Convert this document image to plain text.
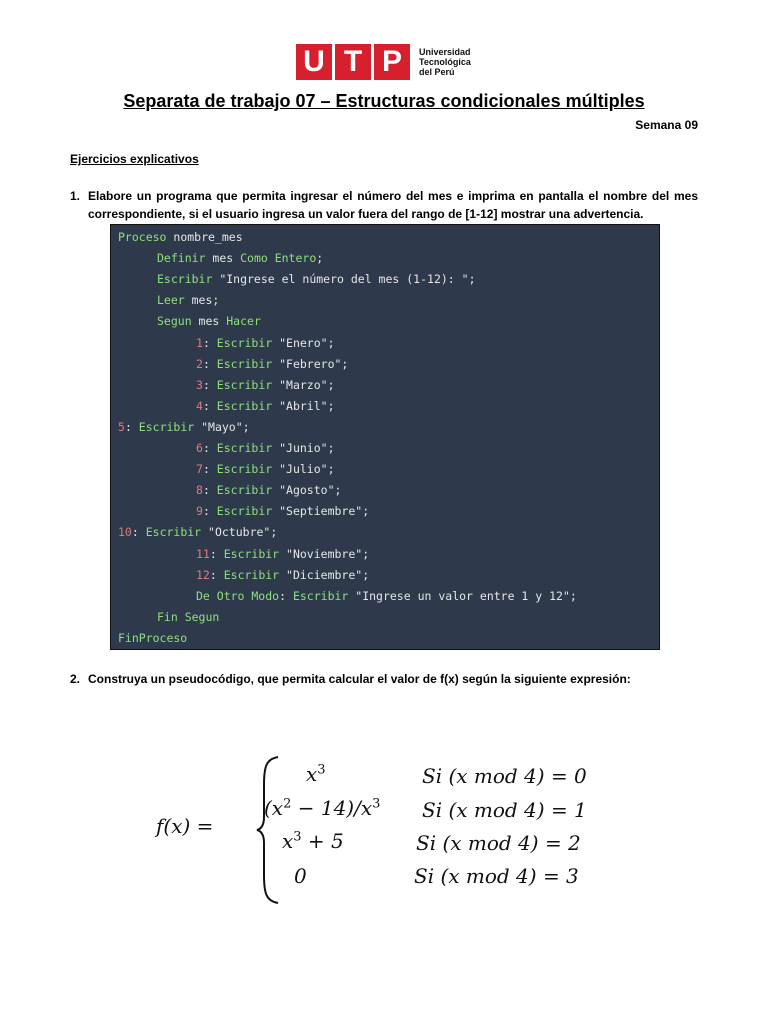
U T P	Universidad
Tecnológica
del Perú
Separata de trabajo 07 – Estructuras condicionales múltiples
Semana 09
Ejercicios explicativos
1. Elabore un programa que permita ingresar el número del mes e imprima en pantalla el nombre del mes correspondiente, si el usuario ingresa un valor fuera del rango de [1-12] mostrar una advertencia.
Proceso nombre_mes
Definir mes Como Entero;
Escribir "Ingrese el número del mes (1-12): ";
Leer mes;
Segun mes Hacer
1: Escribir "Enero";
2: Escribir "Febrero";
3: Escribir "Marzo";
4: Escribir "Abril";
5: Escribir "Mayo";
6: Escribir "Junio";
7: Escribir "Julio";
8: Escribir "Agosto";
9: Escribir "Septiembre";
10: Escribir "Octubre";
11: Escribir "Noviembre";
12: Escribir "Diciembre";
De Otro Modo: Escribir "Ingrese un valor entre 1 y 12";
Fin Segun
FinProceso
2. Construya un pseudocódigo, que permita calcular el valor de f(x) según la siguiente expresión:
f(x) =
$x^3$	Si (x mod 4) = 0
$(x^2 - 14)/x^3$ Si (x mod 4) = 1
$x^3 + 5$	Si (x mod 4) = 2
0	Si (x mod 4) = 3
